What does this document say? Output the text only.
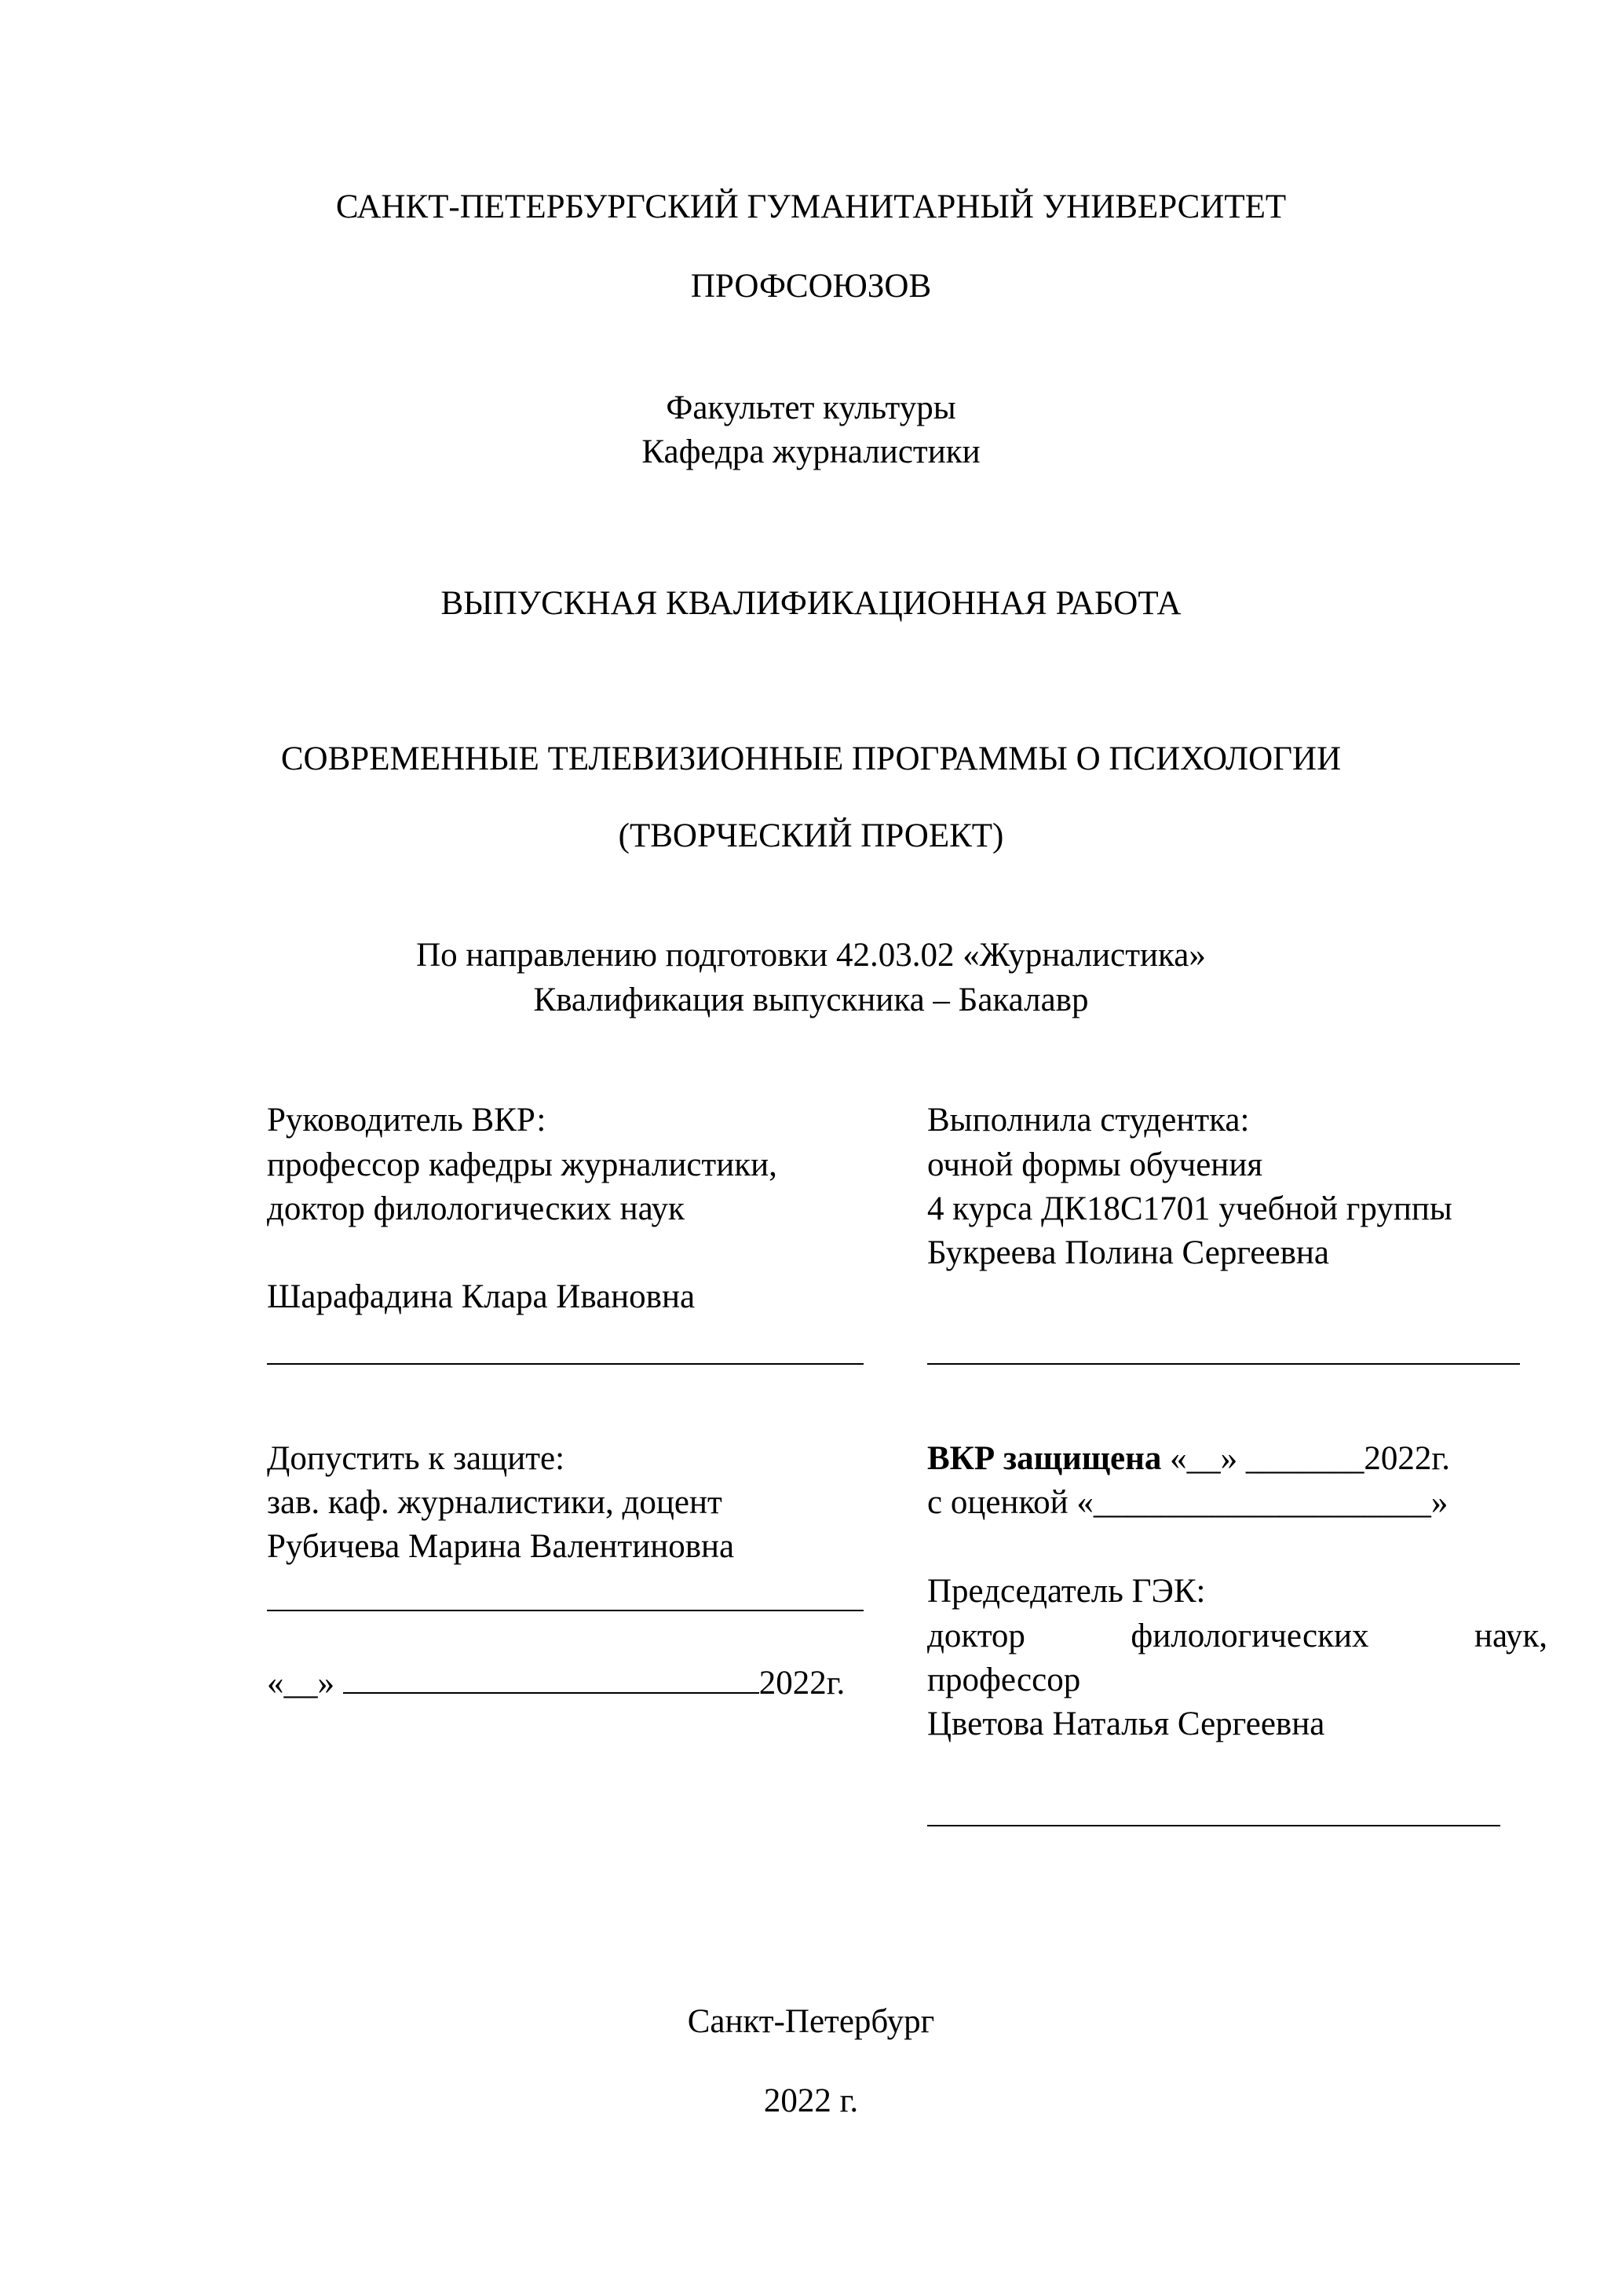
САНКТ-ПЕТЕРБУРГСКИЙ ГУМАНИТАРНЫЙ УНИВЕРСИТЕТ
ПРОФСОЮЗОВ
Факультет культуры
Кафедра журналистики
ВЫПУСКНАЯ КВАЛИФИКАЦИОННАЯ РАБОТА
СОВРЕМЕННЫЕ ТЕЛЕВИЗИОННЫЕ ПРОГРАММЫ О ПСИХОЛОГИИ
(ТВОРЧЕСКИЙ ПРОЕКТ)
По направлению подготовки 42.03.02 «Журналистика»
Квалификация выпускника – Бакалавр
Руководитель ВКР:
профессор кафедры журналистики,
доктор филологических наук
Шарафадина Клара Ивановна
Выполнила студентка:
очной формы обучения
4 курса ДК18С1701 учебной группы
Букреева Полина Сергеевна
Допустить к защите:
зав. каф. журналистики, доцент
Рубичева Марина Валентиновна
«__»	2022г.
ВКР защищена «__» _______2022г.
с оценкой «____________________»
Председатель ГЭК:
доктор	филологических	наук,
профессор
Цветова Наталья Сергеевна
Санкт-Петербург
2022 г.
